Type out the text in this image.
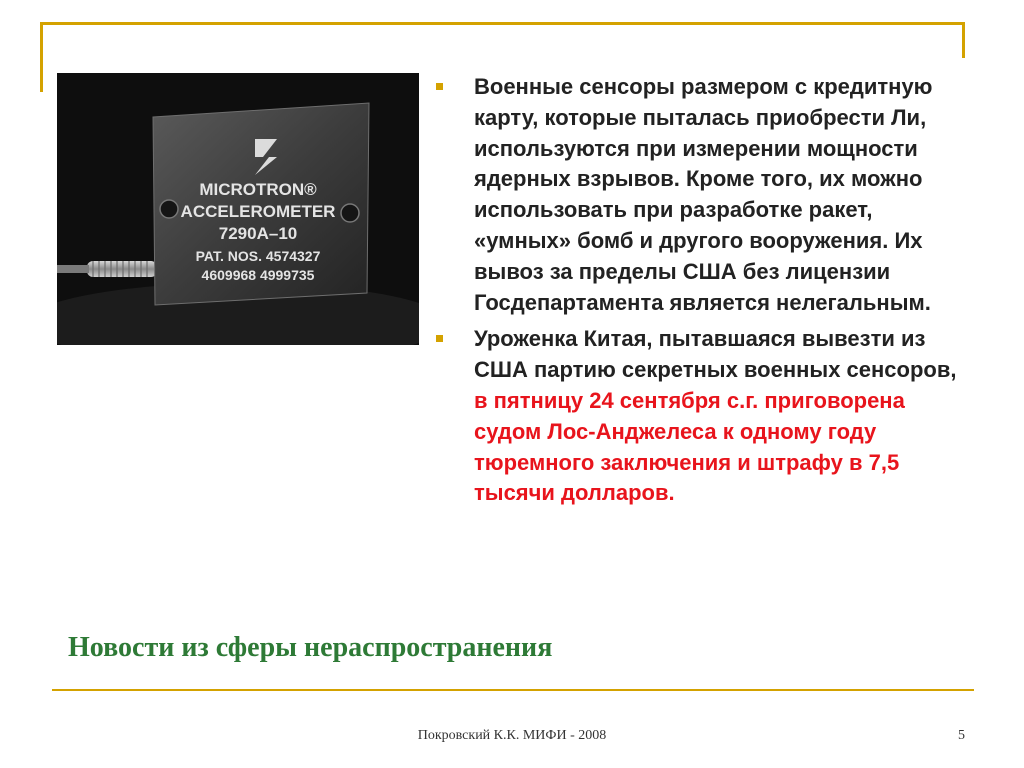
MICROTRON®
ACCELEROMETER
7290A–10
PAT. NOS. 4574327
4609968 4999735
Военные сенсоры размером с кредитную карту, которые пыталась приобрести Ли, используются при измерении мощности ядерных взрывов. Кроме того, их можно использовать при разработке ракет, «умных» бомб и другого вооружения. Их вывоз за пределы США без лицензии Госдепартамента является нелегальным.
Уроженка Китая, пытавшаяся вывезти из США партию секретных военных сенсоров, в пятницу 24 сентября с.г. приговорена судом Лос-Анджелеса к одному году тюремного заключения и штрафу в 7,5 тысячи долларов.
Новости из сферы нераспространения
Покровский К.К. МИФИ - 2008	5
